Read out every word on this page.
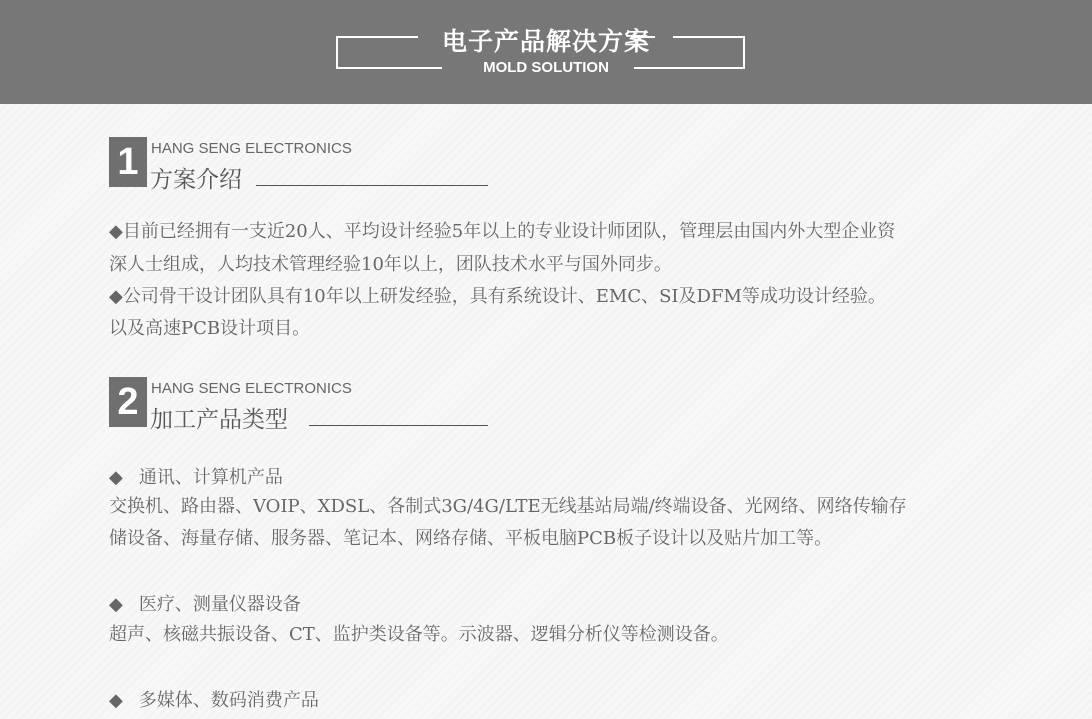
电子产品解决方案
MOLD SOLUTION
1 HANG SENG ELECTRONICS
方案介绍
◆目前已经拥有一支近20人、平均设计经验5年以上的专业设计师团队，管理层由国内外大型企业资
深人士组成，人均技术管理经验10年以上，团队技术水平与国外同步。
◆公司骨干设计团队具有10年以上研发经验，具有系统设计、EMC、SI及DFM等成功设计经验。
以及高速PCB设计项目。
2 HANG SENG ELECTRONICS
加工产品类型
◆ 通讯、计算机产品
交换机、路由器、VOIP、XDSL、各制式3G/4G/LTE无线基站局端/终端设备、光网络、网络传输存
储设备、海量存储、服务器、笔记本、网络存储、平板电脑PCB板子设计以及贴片加工等。
◆ 医疗、测量仪器设备
超声、核磁共振设备、CT、监护类设备等。示波器、逻辑分析仪等检测设备。
◆ 多媒体、数码消费产品
